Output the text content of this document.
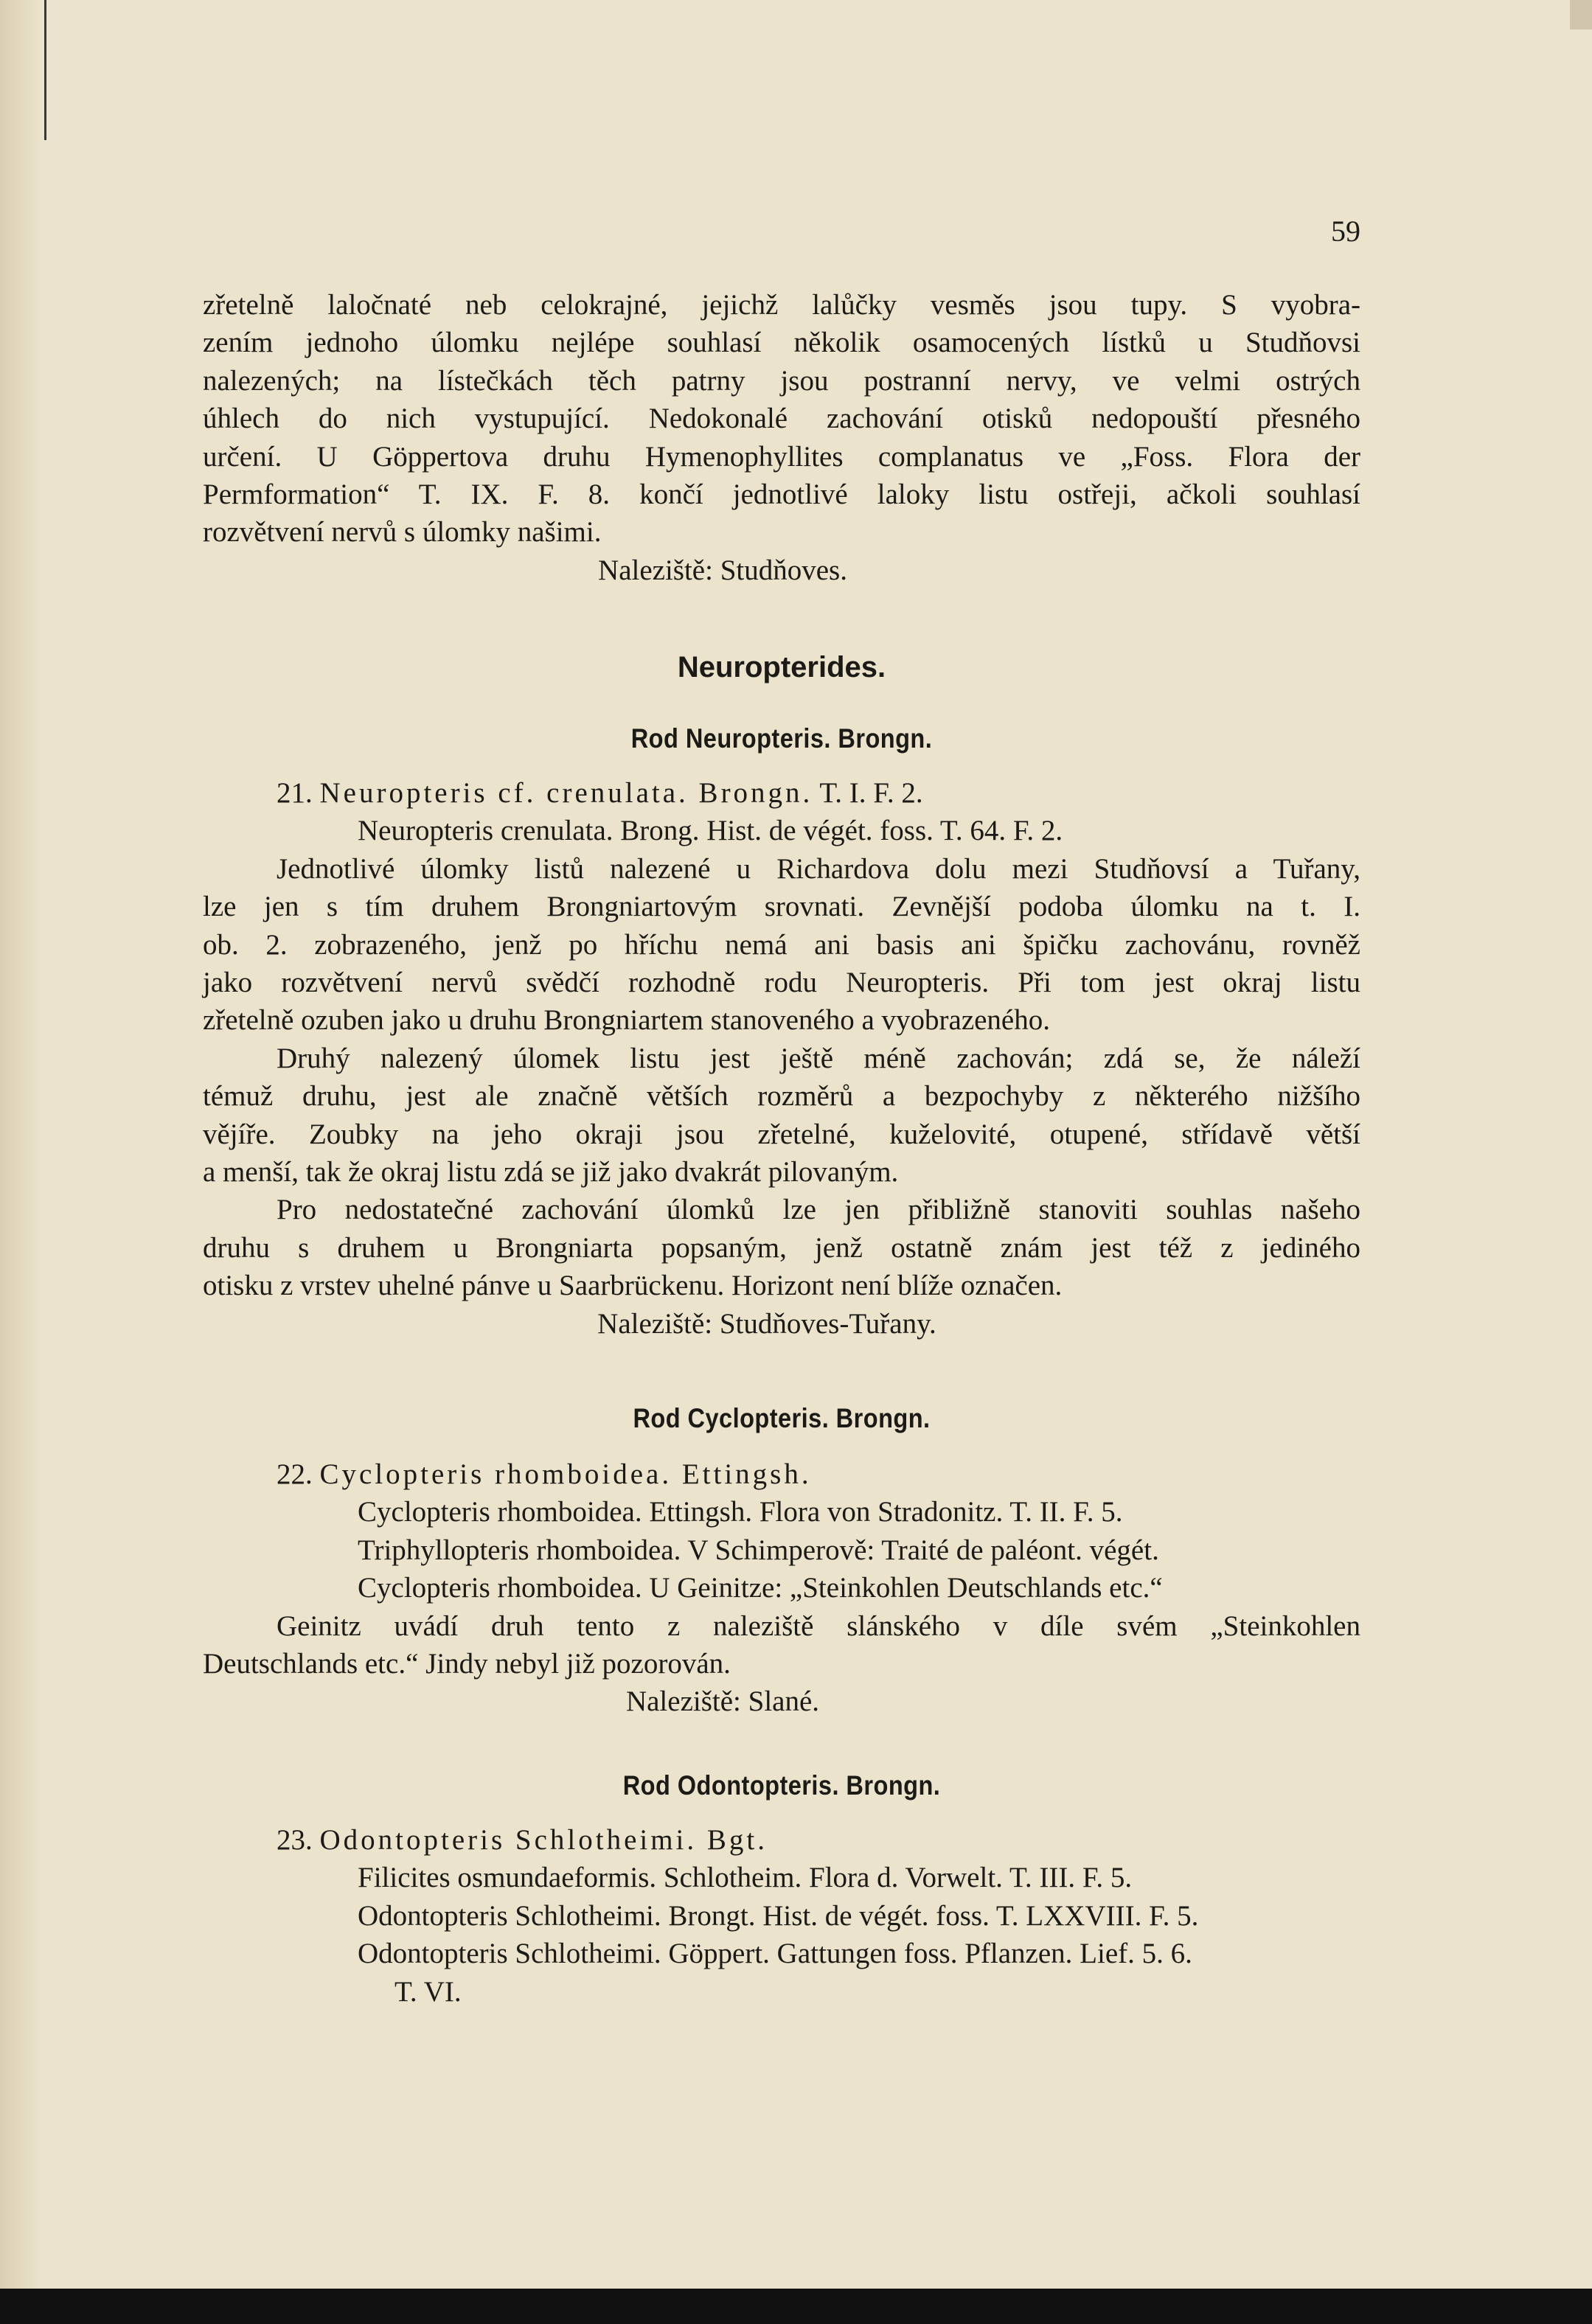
59

zřetelně laločnaté neb celokrajné, jejichž lalůčky vesměs jsou tupy. S vyobra-

zením jednoho úlomku nejlépe souhlasí několik osamocených lístků u Studňovsi

nalezených; na lístečkách těch patrny jsou postranní nervy, ve velmi ostrých

úhlech do nich vystupující. Nedokonalé zachování otisků nedopouští přesného

určení. U Göppertova druhu Hymenophyllites complanatus ve „Foss. Flora der

Permformation“ T. IX. F. 8. končí jednotlivé laloky listu ostřeji, ačkoli souhlasí

rozvětvení nervů s úlomky našimi.

Naleziště: Studňoves.

Neuropterides.
Rod Neuropteris. Brongn.

21. Neuropteris cf. crenulata. Brongn. T. I. F. 2.

Neuropteris crenulata. Brong. Hist. de végét. foss. T. 64. F. 2.

Jednotlivé úlomky listů nalezené u Richardova dolu mezi Studňovsí a Tuřany,

lze jen s tím druhem Brongniartovým srovnati. Zevnější podoba úlomku na t. I.

ob. 2. zobrazeného, jenž po hříchu nemá ani basis ani špičku zachovánu, rovněž

jako rozvětvení nervů svědčí rozhodně rodu Neuropteris. Při tom jest okraj listu

zřetelně ozuben jako u druhu Brongniartem stanoveného a vyobrazeného.

Druhý nalezený úlomek listu jest ještě méně zachován; zdá se, že náleží

témuž druhu, jest ale značně větších rozměrů a bezpochyby z některého nižšího

vějíře. Zoubky na jeho okraji jsou zřetelné, kuželovité, otupené, střídavě větší

a menší, tak že okraj listu zdá se již jako dvakrát pilovaným.

Pro nedostatečné zachování úlomků lze jen přibližně stanoviti souhlas našeho

druhu s druhem u Brongniarta popsaným, jenž ostatně znám jest též z jediného

otisku z vrstev uhelné pánve u Saarbrückenu. Horizont není blíže označen.

Naleziště: Studňoves-Tuřany.

Rod Cyclopteris. Brongn.

22. Cyclopteris rhomboidea. Ettingsh.

Cyclopteris rhomboidea. Ettingsh. Flora von Stradonitz. T. II. F. 5.

Triphyllopteris rhomboidea. V Schimperově: Traité de paléont. végét.

Cyclopteris rhomboidea. U Geinitze: „Steinkohlen Deutschlands etc.“

Geinitz uvádí druh tento z naleziště slánského v díle svém „Steinkohlen

Deutschlands etc.“ Jindy nebyl již pozorován.

Naleziště: Slané.

Rod Odontopteris. Brongn.

23. Odontopteris Schlotheimi. Bgt.

Filicites osmundaeformis. Schlotheim. Flora d. Vorwelt. T. III. F. 5.

Odontopteris Schlotheimi. Brongt. Hist. de végét. foss. T. LXXVIII. F. 5.

Odontopteris Schlotheimi. Göppert. Gattungen foss. Pflanzen. Lief. 5. 6.

T. VI.
